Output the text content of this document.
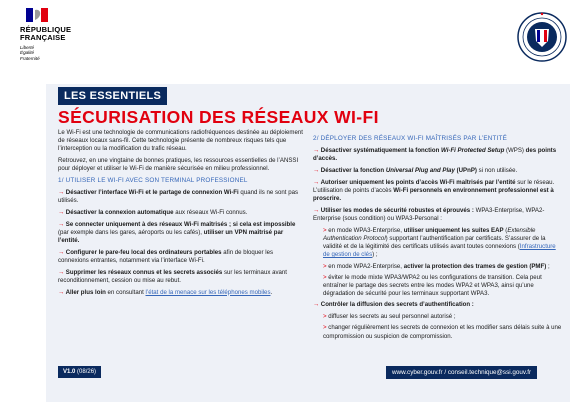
RÉPUBLIQUE
FRANÇAISE
Liberté
Égalité
Fraternité
LES ESSENTIELS
SÉCURISATION DES RÉSEAUX WI-FI

Le Wi-Fi est une technologie de communications radiofréquences destinée au déploiement de réseaux locaux sans-fil. Cette technologie présente de nombreux risques tels que l’interception ou la modification du trafic réseau.

Retrouvez, en une vingtaine de bonnes pratiques, les ressources essentielles de l’ANSSI pour déployer et utiliser le Wi-Fi de manière sécurisée en milieu professionnel.

1/ UTILISER LE WI-FI AVEC SON TERMINAL PROFESSIONEL
→ Désactiver l’interface Wi-Fi et le partage de connexion Wi-Fi quand ils ne sont pas utilisés.
→ Désactiver la connexion automatique aux réseaux Wi-Fi connus.
→ Se connecter uniquement à des réseaux Wi-Fi maîtrisés ; si cela est impossible (par exemple dans les gares, aéroports ou les cafés), utiliser un VPN maîtrisé par l’entité.
→ Configurer le pare-feu local des ordinateurs portables afin de bloquer les connexions entrantes, notamment via l’interface Wi-Fi.
→ Supprimer les réseaux connus et les secrets associés sur les terminaux avant reconditionnement, cession ou mise au rebut.
→ Aller plus loin en consultant l’état de la menace sur les téléphones mobiles.
2/ DÉPLOYER DES RÉSEAUX WI-FI MAÎTRISÉS PAR L’ENTITÉ
→ Désactiver systématiquement la fonction Wi-Fi Protected Setup (WPS) des points d’accès.
→ Désactiver la fonction Universal Plug and Play (UPnP) si non utilisée.
→ Autoriser uniquement les points d’accès Wi-Fi maîtrisés par l’entité sur le réseau. L’utilisation de points d’accès Wi-Fi personnels en environnement professionnel est à proscrire.
→ Utiliser les modes de sécurité robustes et éprouvés : WPA3-Enterprise, WPA2-Enterprise (sous condition) ou WPA3-Personal :
> en mode WPA3-Enterprise, utiliser uniquement les suites EAP (Extensible Authentication Protocol) supportant l’authentification par certificats. S’assurer de la validité et de la légitimité des certificats utilisés avant toutes connexions (Infrastructure de gestion de clés) ;
> en mode WPA2-Enterprise, activer la protection des trames de gestion (PMF) ;
> éviter le mode mixte WPA3/WPA2 ou les configurations de transition. Cela peut entraîner le partage des secrets entre les modes WPA2 et WPA3, ainsi qu’une dégradation de sécurité pour les terminaux supportant WPA3.
→ Contrôler la diffusion des secrets d’authentification :
> diffuser les secrets au seul personnel autorisé ;
> changer régulièrement les secrets de connexion et les modifier sans délais suite à une compromission ou suspicion de compromission.
V1.0 (08/26)	www.cyber.gouv.fr / conseil.technique@ssi.gouv.fr
